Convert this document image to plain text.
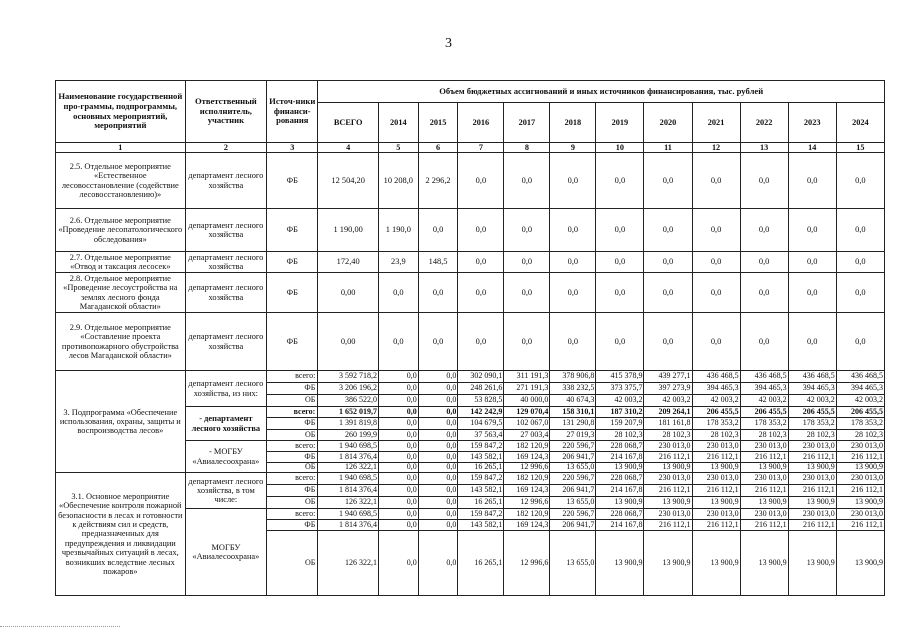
3
Наименование государственной про-граммы, подпрограммы, основных мероприятий, мероприятий	Ответственный исполнитель, участник	Источ-ники финанси-рования	Объем бюджетных ассигнований и иных источников финансирования, тыс. рублей											
			ВСЕГО	2014	2015	2016	2017	2018	2019	2020	2021	2022	2023	2024
1	2	3	4	5	6	7	8	9	10	11	12	13	14	15
2.5. Отдельное мероприятие «Естественное лесовосстановление (содействие лесовосстановлению)»	департамент лесного хозяйства	ФБ	12 504,20	10 208,0	2 296,2	0,0	0,0	0,0	0,0	0,0	0,0	0,0	0,0	0,0
2.6. Отдельное мероприятие «Проведение лесопатологического обследования»	департамент лесного хозяйства	ФБ	1 190,00	1 190,0	0,0	0,0	0,0	0,0	0,0	0,0	0,0	0,0	0,0	0,0
2.7. Отдельное мероприятие «Отвод и таксация лесосек»	департамент лесного хозяйства	ФБ	172,40	23,9	148,5	0,0	0,0	0,0	0,0	0,0	0,0	0,0	0,0	0,0
2.8. Отдельное мероприятие «Проведение лесоустройства на землях лесного фонда Магаданской области»	департамент лесного хозяйства	ФБ	0,00	0,0	0,0	0,0	0,0	0,0	0,0	0,0	0,0	0,0	0,0	0,0
2.9. Отдельное мероприятие «Составление проекта противопожарного обустройства лесов Магаданской области»	департамент лесного хозяйства	ФБ	0,00	0,0	0,0	0,0	0,0	0,0	0,0	0,0	0,0	0,0	0,0	0,0
3. Подпрограмма «Обеспечение использования, охраны, защиты и воспроизводства лесов»	департамент лесного хозяйства, из них:	всего:	3 592 718,2	0,0	0,0	302 090,1	311 191,3	378 906,8	415 378,9	439 277,1	436 468,5	436 468,5	436 468,5	436 468,5
		ФБ	3 206 196,2	0,0	0,0	248 261,6	271 191,3	338 232,5	373 375,7	397 273,9	394 465,3	394 465,3	394 465,3	394 465,3
		ОБ	386 522,0	0,0	0,0	53 828,5	40 000,0	40 674,3	42 003,2	42 003,2	42 003,2	42 003,2	42 003,2	42 003,2
	- департамент лесного хозяйства	всего:	1 652 019,7	0,0	0,0	142 242,9	129 070,4	158 310,1	187 310,2	209 264,1	206 455,5	206 455,5	206 455,5	206 455,5
		ФБ	1 391 819,8	0,0	0,0	104 679,5	102 067,0	131 290,8	159 207,9	181 161,8	178 353,2	178 353,2	178 353,2	178 353,2
		ОБ	260 199,9	0,0	0,0	37 563,4	27 003,4	27 019,3	28 102,3	28 102,3	28 102,3	28 102,3	28 102,3	28 102,3
	- МОГБУ «Авиалесоохрана»	всего:	1 940 698,5	0,0	0,0	159 847,2	182 120,9	220 596,7	228 068,7	230 013,0	230 013,0	230 013,0	230 013,0	230 013,0
		ФБ	1 814 376,4	0,0	0,0	143 582,1	169 124,3	206 941,7	214 167,8	216 112,1	216 112,1	216 112,1	216 112,1	216 112,1
		ОБ	126 322,1	0,0	0,0	16 265,1	12 996,6	13 655,0	13 900,9	13 900,9	13 900,9	13 900,9	13 900,9	13 900,9
3.1. Основное мероприятие «Обеспечение контроля пожарной безопасности в лесах и готовности к действиям сил и средств, предназначенных для предупреждения и ликвидации чрезвычайных ситуаций в лесах, возникших вследствие лесных пожаров»	департамент лесного хозяйства, в том числе:	всего:	1 940 698,5	0,0	0,0	159 847,2	182 120,9	220 596,7	228 068,7	230 013,0	230 013,0	230 013,0	230 013,0	230 013,0
		ФБ	1 814 376,4	0,0	0,0	143 582,1	169 124,3	206 941,7	214 167,8	216 112,1	216 112,1	216 112,1	216 112,1	216 112,1
		ОБ	126 322,1	0,0	0,0	16 265,1	12 996,6	13 655,0	13 900,9	13 900,9	13 900,9	13 900,9	13 900,9	13 900,9
	МОГБУ «Авиалесоохрана»	всего:	1 940 698,5	0,0	0,0	159 847,2	182 120,9	220 596,7	228 068,7	230 013,0	230 013,0	230 013,0	230 013,0	230 013,0
		ФБ	1 814 376,4	0,0	0,0	143 582,1	169 124,3	206 941,7	214 167,8	216 112,1	216 112,1	216 112,1	216 112,1	216 112,1
		ОБ	126 322,1	0,0	0,0	16 265,1	12 996,6	13 655,0	13 900,9	13 900,9	13 900,9	13 900,9	13 900,9	13 900,9
